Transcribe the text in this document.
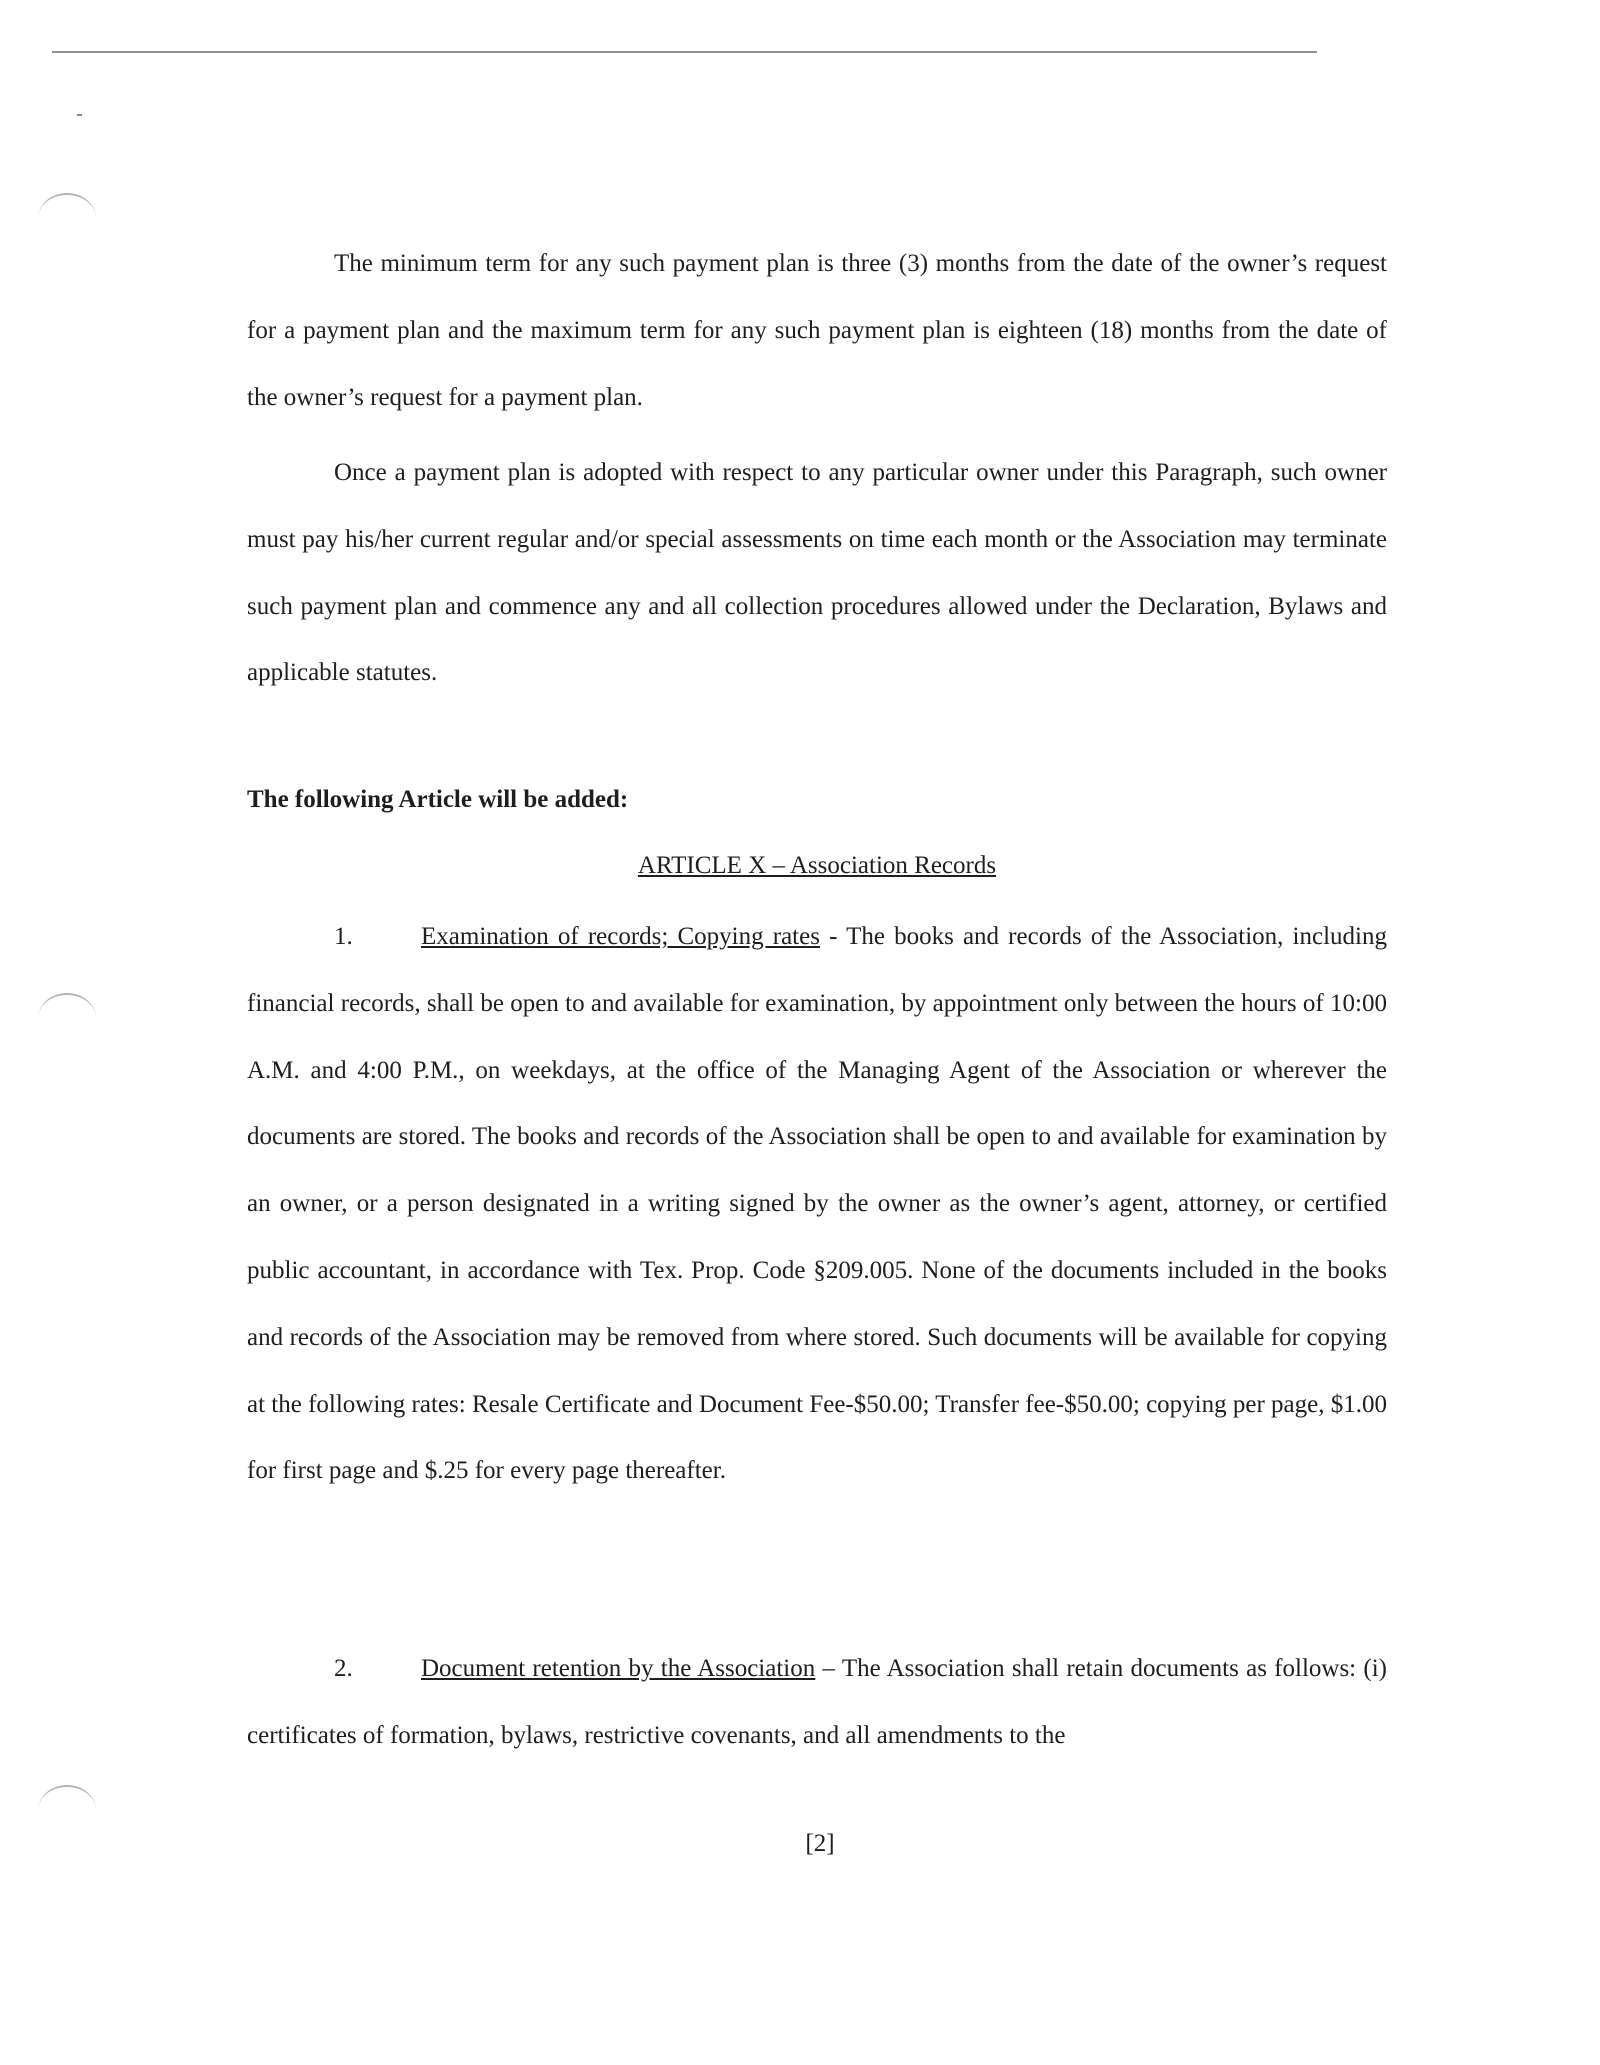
The minimum term for any such payment plan is three (3) months from the date of the owner’s request for a payment plan and the maximum term for any such payment plan is eighteen (18) months from the date of the owner’s request for a payment plan.

Once a payment plan is adopted with respect to any particular owner under this Paragraph, such owner must pay his/her current regular and/or special assessments on time each month or the Association may terminate such payment plan and commence any and all collection procedures allowed under the Declaration, Bylaws and applicable statutes.

The following Article will be added:

ARTICLE X – Association Records

1.	Examination of records; Copying rates - The books and records of the Association, including financial records, shall be open to and available for examination, by appointment only between the hours of 10:00 A.M. and 4:00 P.M., on weekdays, at the office of the Managing Agent of the Association or wherever the documents are stored. The books and records of the Association shall be open to and available for examination by an owner, or a person designated in a writing signed by the owner as the owner’s agent, attorney, or certified public accountant, in accordance with Tex. Prop. Code §209.005. None of the documents included in the books and records of the Association may be removed from where stored. Such documents will be available for copying at the following rates: Resale Certificate and Document Fee-$50.00; Transfer fee-$50.00; copying per page, $1.00 for first page and $.25 for every page thereafter.

2.	Document retention by the Association – The Association shall retain documents as follows: (i) certificates of formation, bylaws, restrictive covenants, and all amendments to the

[2]
